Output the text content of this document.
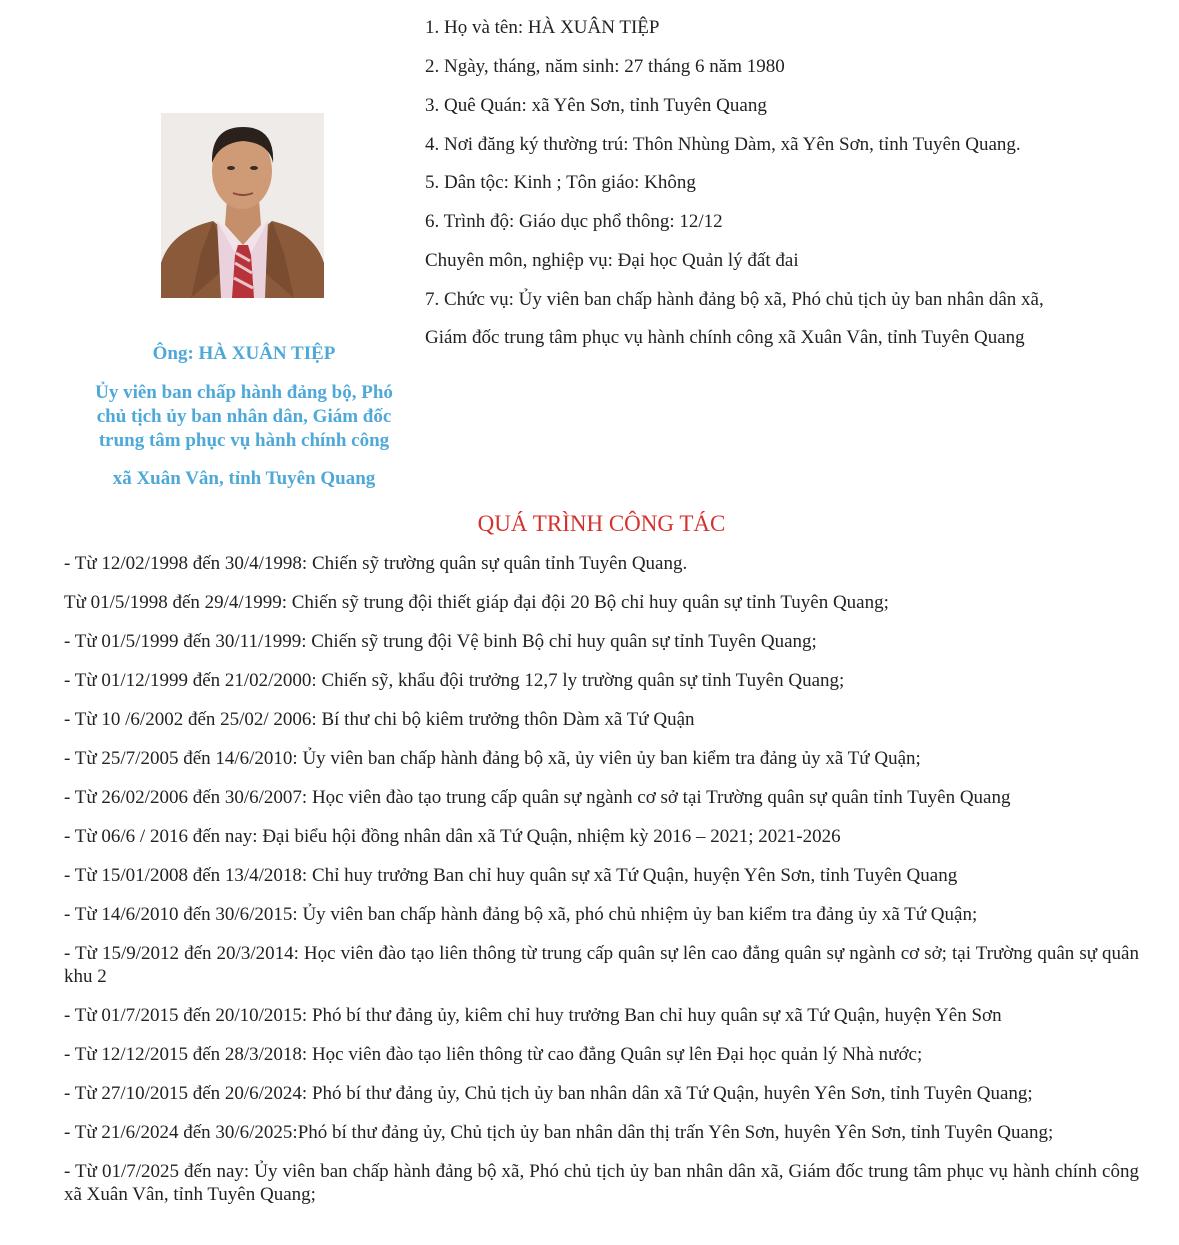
Ông: HÀ XUÂN TIỆP
Ủy viên ban chấp hành đảng bộ, Phó
chủ tịch ủy ban nhân dân, Giám đốc
trung tâm phục vụ hành chính công
xã Xuân Vân, tỉnh Tuyên Quang
1. Họ và tên: HÀ XUÂN TIỆP
2. Ngày, tháng, năm sinh: 27 tháng 6 năm 1980
3. Quê Quán: xã Yên Sơn, tỉnh Tuyên Quang
4. Nơi đăng ký thường trú: Thôn Nhùng Dàm, xã Yên Sơn, tỉnh Tuyên Quang.
5. Dân tộc: Kinh ; Tôn giáo: Không
6. Trình độ: Giáo dục phổ thông: 12/12
Chuyên môn, nghiệp vụ: Đại học Quản lý đất đai
7. Chức vụ: Ủy viên ban chấp hành đảng bộ xã, Phó chủ tịch ủy ban nhân dân xã,
Giám đốc trung tâm phục vụ hành chính công xã Xuân Vân, tỉnh Tuyên Quang
QUÁ TRÌNH CÔNG TÁC

- Từ 12/02/1998 đến 30/4/1998: Chiến sỹ trường quân sự quân tỉnh Tuyên Quang.

Từ 01/5/1998 đến 29/4/1999: Chiến sỹ trung đội thiết giáp đại đội 20 Bộ chỉ huy quân sự tỉnh Tuyên Quang;

- Từ 01/5/1999 đến 30/11/1999: Chiến sỹ trung đội Vệ binh Bộ chỉ huy quân sự tỉnh Tuyên Quang;

- Từ 01/12/1999 đến 21/02/2000: Chiến sỹ, khẩu đội trưởng 12,7 ly trường quân sự tỉnh Tuyên Quang;

- Từ 10 /6/2002 đến 25/02/ 2006: Bí thư chi bộ kiêm trưởng thôn Dàm xã Tứ Quận

- Từ 25/7/2005 đến 14/6/2010: Ủy viên ban chấp hành đảng bộ xã, ủy viên ủy ban kiểm tra đảng ủy xã Tứ Quận;

- Từ 26/02/2006 đến 30/6/2007: Học viên đào tạo trung cấp quân sự ngành cơ sở tại Trường quân sự quân tỉnh Tuyên Quang

- Từ 06/6 / 2016 đến nay: Đại biểu hội đồng nhân dân xã Tứ Quận, nhiệm kỳ 2016 – 2021; 2021-2026

- Từ 15/01/2008 đến 13/4/2018: Chỉ huy trưởng Ban chỉ huy quân sự xã Tứ Quận, huyện Yên Sơn, tỉnh Tuyên Quang

- Từ 14/6/2010 đến 30/6/2015: Ủy viên ban chấp hành đảng bộ xã, phó chủ nhiệm ủy ban kiểm tra đảng ủy xã Tứ Quận;

- Từ 15/9/2012 đến 20/3/2014: Học viên đào tạo liên thông từ trung cấp quân sự lên cao đẳng quân sự ngành cơ sở; tại Trường quân sự quân khu 2

- Từ 01/7/2015 đến 20/10/2015: Phó bí thư đảng ủy, kiêm chỉ huy trưởng Ban chỉ huy quân sự xã Tứ Quận, huyện Yên Sơn

- Từ 12/12/2015 đến 28/3/2018: Học viên đào tạo liên thông từ cao đẳng Quân sự lên Đại học quản lý Nhà nước;

- Từ 27/10/2015 đến 20/6/2024: Phó bí thư đảng ủy, Chủ tịch ủy ban nhân dân xã Tứ Quận, huyên Yên Sơn, tỉnh Tuyên Quang;

- Từ 21/6/2024 đến 30/6/2025:Phó bí thư đảng ủy, Chủ tịch ủy ban nhân dân thị trấn Yên Sơn, huyên Yên Sơn, tỉnh Tuyên Quang;

- Từ 01/7/2025 đến nay: Ủy viên ban chấp hành đảng bộ xã, Phó chủ tịch ủy ban nhân dân xã, Giám đốc trung tâm phục vụ hành chính công xã Xuân Vân, tỉnh Tuyên Quang;
